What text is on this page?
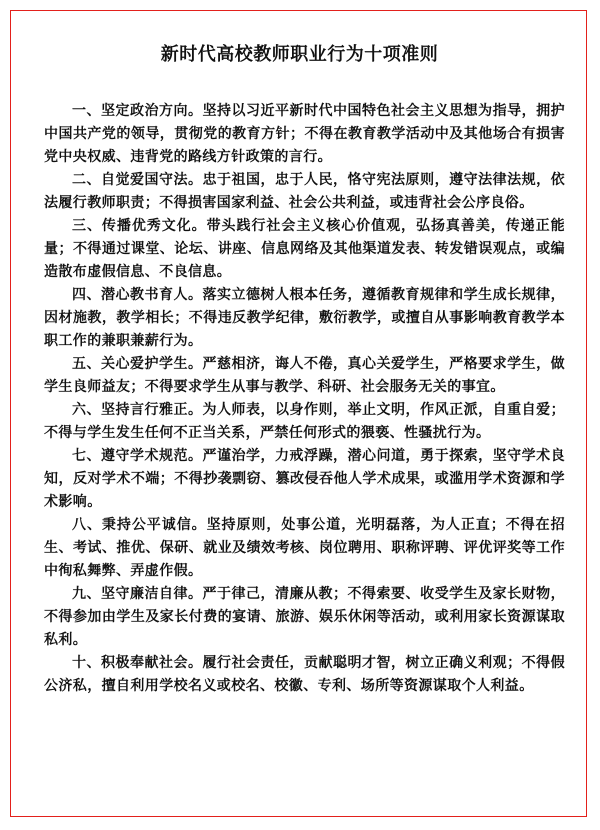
新时代高校教师职业行为十项准则

一、坚定政治方向。坚持以习近平新时代中国特色社会主义思想为指导，拥护中国共产党的领导，贯彻党的教育方针；不得在教育教学活动中及其他场合有损害党中央权威、违背党的路线方针政策的言行。

二、自觉爱国守法。忠于祖国，忠于人民，恪守宪法原则，遵守法律法规，依法履行教师职责；不得损害国家利益、社会公共利益，或违背社会公序良俗。

三、传播优秀文化。带头践行社会主义核心价值观，弘扬真善美，传递正能量；不得通过课堂、论坛、讲座、信息网络及其他渠道发表、转发错误观点，或编造散布虚假信息、不良信息。

四、潜心教书育人。落实立德树人根本任务，遵循教育规律和学生成长规律，因材施教，教学相长；不得违反教学纪律，敷衍教学，或擅自从事影响教育教学本职工作的兼职兼薪行为。

五、关心爱护学生。严慈相济，诲人不倦，真心关爱学生，严格要求学生，做学生良师益友；不得要求学生从事与教学、科研、社会服务无关的事宜。

六、坚持言行雅正。为人师表，以身作则，举止文明，作风正派，自重自爱；不得与学生发生任何不正当关系，严禁任何形式的猥亵、性骚扰行为。

七、遵守学术规范。严谨治学，力戒浮躁，潜心问道，勇于探索，坚守学术良知，反对学术不端；不得抄袭剽窃、篡改侵吞他人学术成果，或滥用学术资源和学术影响。

八、秉持公平诚信。坚持原则，处事公道，光明磊落，为人正直；不得在招生、考试、推优、保研、就业及绩效考核、岗位聘用、职称评聘、评优评奖等工作中徇私舞弊、弄虚作假。

九、坚守廉洁自律。严于律己，清廉从教；不得索要、收受学生及家长财物，不得参加由学生及家长付费的宴请、旅游、娱乐休闲等活动，或利用家长资源谋取私利。

十、积极奉献社会。履行社会责任，贡献聪明才智，树立正确义利观；不得假公济私，擅自利用学校名义或校名、校徽、专利、场所等资源谋取个人利益。
